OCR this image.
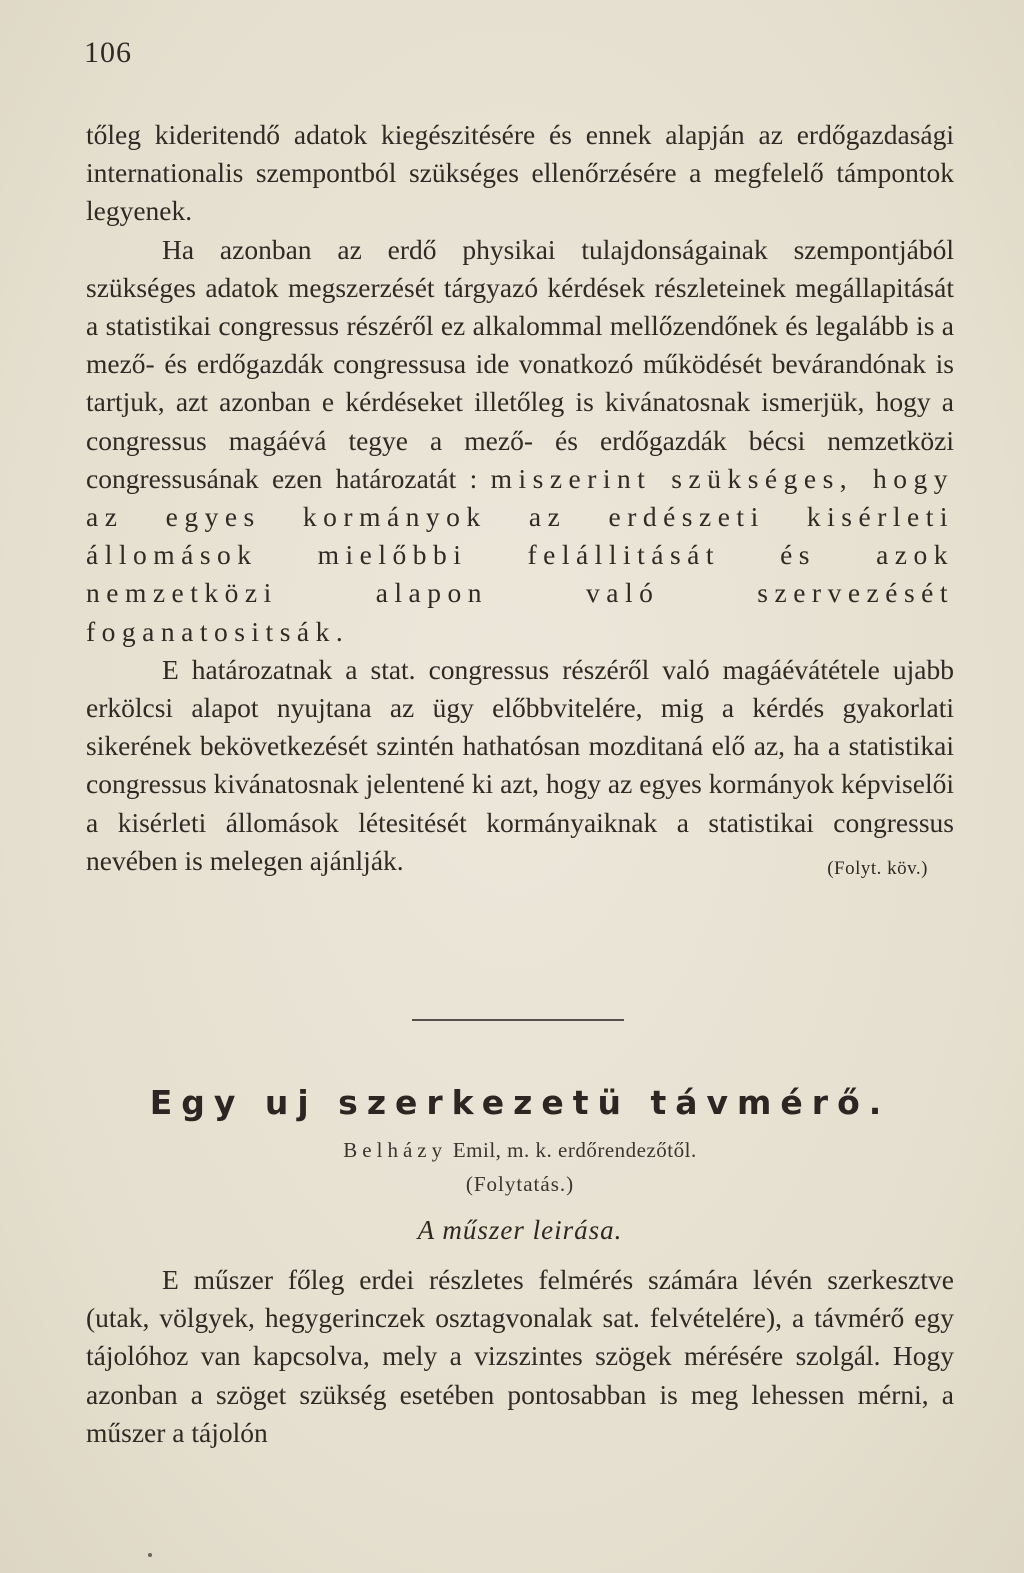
106

tőleg kideritendő adatok kiegészitésére és ennek alapján az erdőgazdasági internationalis szempontból szükséges ellenőrzésére a megfelelő támpontok legyenek.

Ha azonban az erdő physikai tulajdonságainak szempontjából szükséges adatok megszerzését tárgyazó kérdések részleteinek megállapitását a statistikai congressus részéről ez alkalommal mellőzendőnek és legalább is a mező- és erdőgazdák congressusa ide vonatkozó működését bevárandónak is tartjuk, azt azonban e kérdéseket illetőleg is kivánatosnak ismerjük, hogy a congressus magáévá tegye a mező- és erdőgazdák bécsi nemzetközi congressusának ezen határozatát : miszerint szükséges, hogy az egyes kormányok az erdészeti kisérleti állomások mielőbbi felállitását és azok nemzetközi alapon való szervezését foganatositsák.

E határozatnak a stat. congressus részéről való magáévátétele ujabb erkölcsi alapot nyujtana az ügy előbbvitelére, mig a kérdés gyakorlati sikerének bekövetkezését szintén hathatósan mozditaná elő az, ha a statistikai congressus kivánatosnak jelentené ki azt, hogy az egyes kormányok képviselői a kisérleti állomások létesitését kormányaiknak a statistikai congressus nevében is melegen ajánlják.	(Folyt. köv.)

Egy uj szerkezetü távmérő.
Belházy Emil, m. k. erdőrendezőtől.
(Folytatás.)
A műszer leirása.

E műszer főleg erdei részletes felmérés számára lévén szerkesztve (utak, völgyek, hegygerinczek osztagvonalak sat. felvételére), a távmérő egy tájolóhoz van kapcsolva, mely a vizszintes szögek mérésére szolgál. Hogy azonban a szöget szükség esetében pontosabban is meg lehessen mérni, a műszer a tájolón
